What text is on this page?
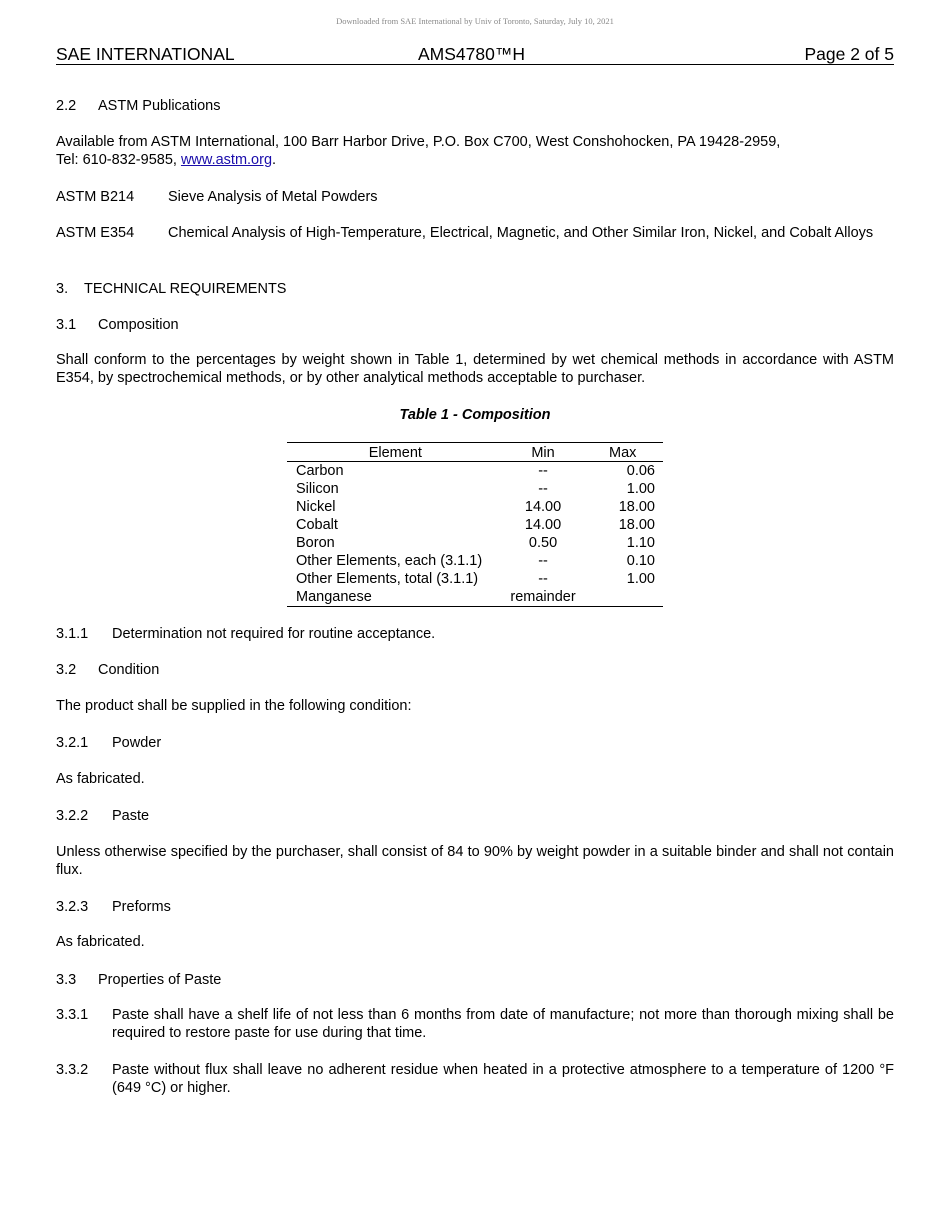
Downloaded from SAE International by Univ of Toronto, Saturday, July 10, 2021
SAE INTERNATIONAL	AMS4780™H	Page 2 of 5
2.2 ASTM Publications
Available from ASTM International, 100 Barr Harbor Drive, P.O. Box C700, West Conshohocken, PA 19428-2959,
Tel: 610-832-9585, www.astm.org.
ASTM B214 Sieve Analysis of Metal Powders
ASTM E354 Chemical Analysis of High-Temperature, Electrical, Magnetic, and Other Similar Iron, Nickel, and Cobalt Alloys
3. TECHNICAL REQUIREMENTS
3.1 Composition
Shall conform to the percentages by weight shown in Table 1, determined by wet chemical methods in accordance with ASTM E354, by spectrochemical methods, or by other analytical methods acceptable to purchaser.
Table 1 - Composition
Element	Min	Max
Carbon	--	0.06
Silicon	--	1.00
Nickel	14.00	18.00
Cobalt	14.00	18.00
Boron	0.50	1.10
Other Elements, each (3.1.1)	--	0.10
Other Elements, total (3.1.1)	--	1.00
Manganese	remainder	
3.1.1 Determination not required for routine acceptance.
3.2 Condition
The product shall be supplied in the following condition:
3.2.1 Powder
As fabricated.
3.2.2 Paste
Unless otherwise specified by the purchaser, shall consist of 84 to 90% by weight powder in a suitable binder and shall not contain flux.
3.2.3 Preforms
As fabricated.
3.3 Properties of Paste
3.3.1 Paste shall have a shelf life of not less than 6 months from date of manufacture; not more than thorough mixing shall be required to restore paste for use during that time.
3.3.2 Paste without flux shall leave no adherent residue when heated in a protective atmosphere to a temperature of 1200 °F (649 °C) or higher.
